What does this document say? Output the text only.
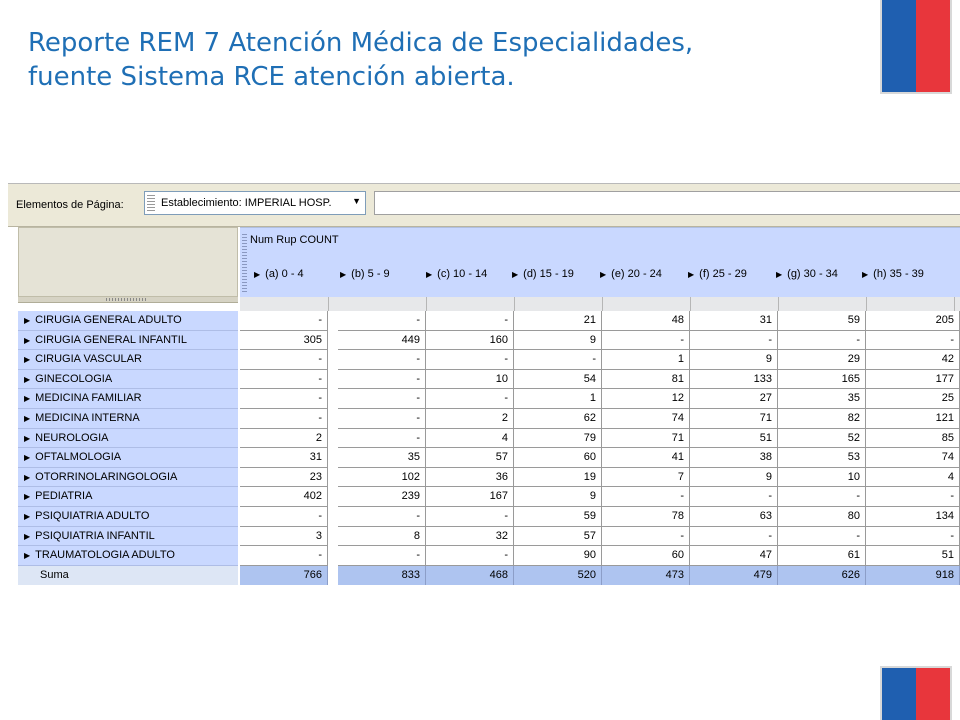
Reporte REM 7 Atención Médica de Especialidades,
fuente Sistema RCE atención abierta.
Elementos de Página:	Establecimiento: IMPERIAL HOSP. ▼
Num Rup COUNT
▶ (a) 0 - 4	▶ (b) 5 - 9	▶ (c) 10 - 14	▶ (d) 15 - 19	▶ (e) 20 - 24	▶ (f) 25 - 29	▶ (g) 30 - 34	▶ (h) 35 - 39
▶ CIRUGIA GENERAL ADULTO	-	-	-	21	48	31	59	205
▶ CIRUGIA GENERAL INFANTIL	305	449	160	9	-	-	-	-
▶ CIRUGIA VASCULAR	-	-	-	-	1	9	29	42
▶ GINECOLOGIA	-	-	10	54	81	133	165	177
▶ MEDICINA FAMILIAR	-	-	-	1	12	27	35	25
▶ MEDICINA INTERNA	-	-	2	62	74	71	82	121
▶ NEUROLOGIA	2	-	4	79	71	51	52	85
▶ OFTALMOLOGIA	31	35	57	60	41	38	53	74
▶ OTORRINOLARINGOLOGIA	23	102	36	19	7	9	10	4
▶ PEDIATRIA	402	239	167	9	-	-	-	-
▶ PSIQUIATRIA ADULTO	-	-	-	59	78	63	80	134
▶ PSIQUIATRIA INFANTIL	3	8	32	57	-	-	-	-
▶ TRAUMATOLOGIA ADULTO	-	-	-	90	60	47	61	51
Suma	766	833	468	520	473	479	626	918
